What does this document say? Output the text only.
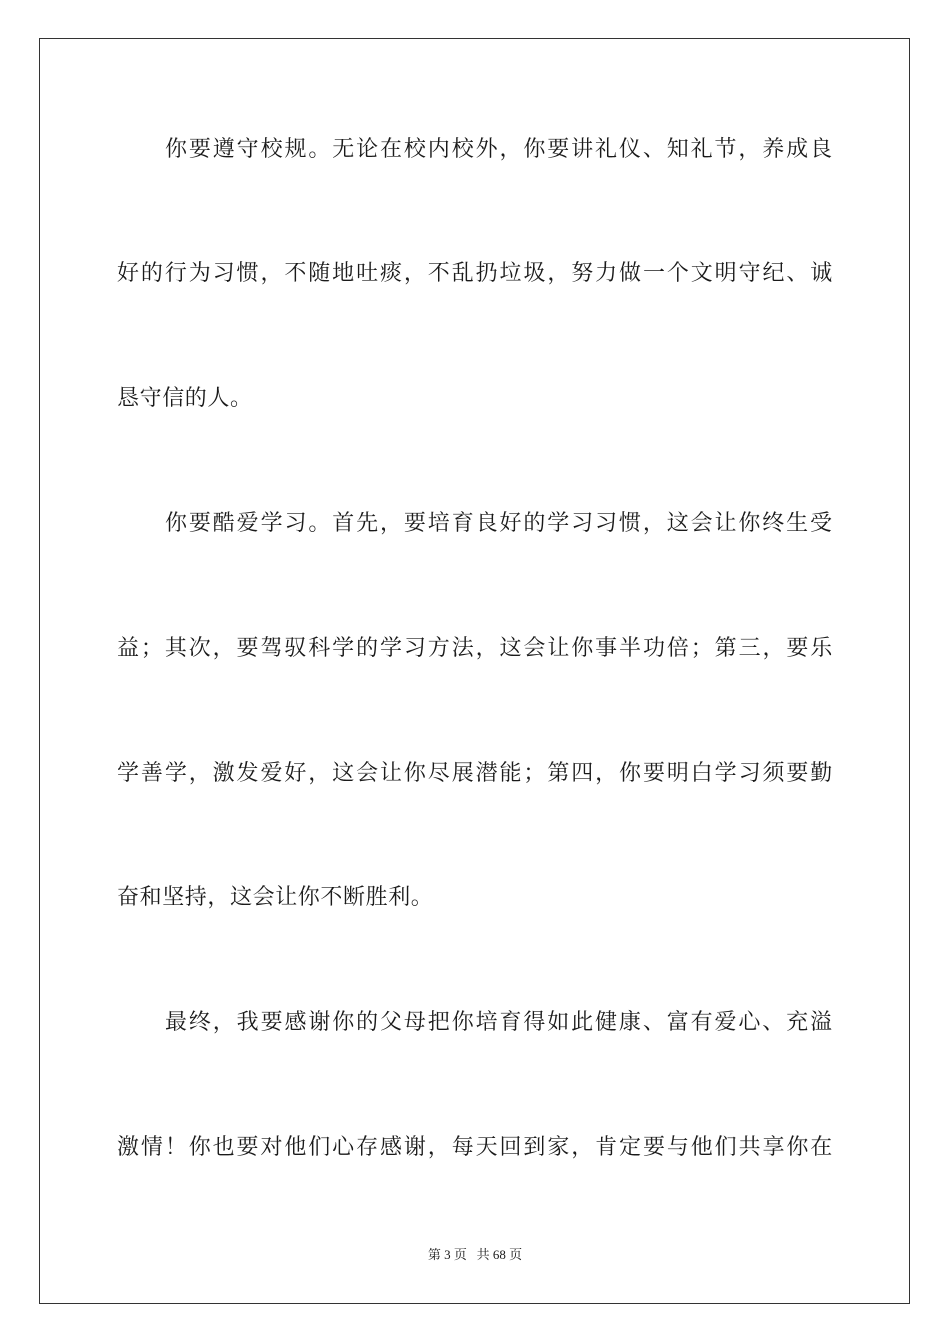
你 要 遵 守 校 规 。 无 论 在 校 内 校 外 ， 你 要 讲 礼 仪 、 知 礼 节 ， 养 成 良
好 的 行 为 习 惯 ， 不 随 地 吐 痰 ， 不 乱 扔 垃 圾 ， 努 力 做 一 个 文 明 守 纪 、 诚
恳守信的人。
你 要 酷 爱 学 习 。 首 先 ， 要 培 育 良 好 的 学 习 习 惯 ， 这 会 让 你 终 生 受
益 ； 其 次 ， 要 驾 驭 科 学 的 学 习 方 法 ， 这 会 让 你 事 半 功 倍 ； 第 三 ， 要 乐
学 善 学 ， 激 发 爱 好 ， 这 会 让 你 尽 展 潜 能 ； 第 四 ， 你 要 明 白 学 习 须 要 勤
奋和坚持，这会让你不断胜利。
最 终 ， 我 要 感 谢 你 的 父 母 把 你 培 育 得 如 此 健 康 、 富 有 爱 心 、 充 溢
激 情 ！ 你 也 要 对 他 们 心 存 感 谢 ， 每 天 回 到 家 ， 肯 定 要 与 他 们 共 享 你 在
第 3 页 共 68 页
